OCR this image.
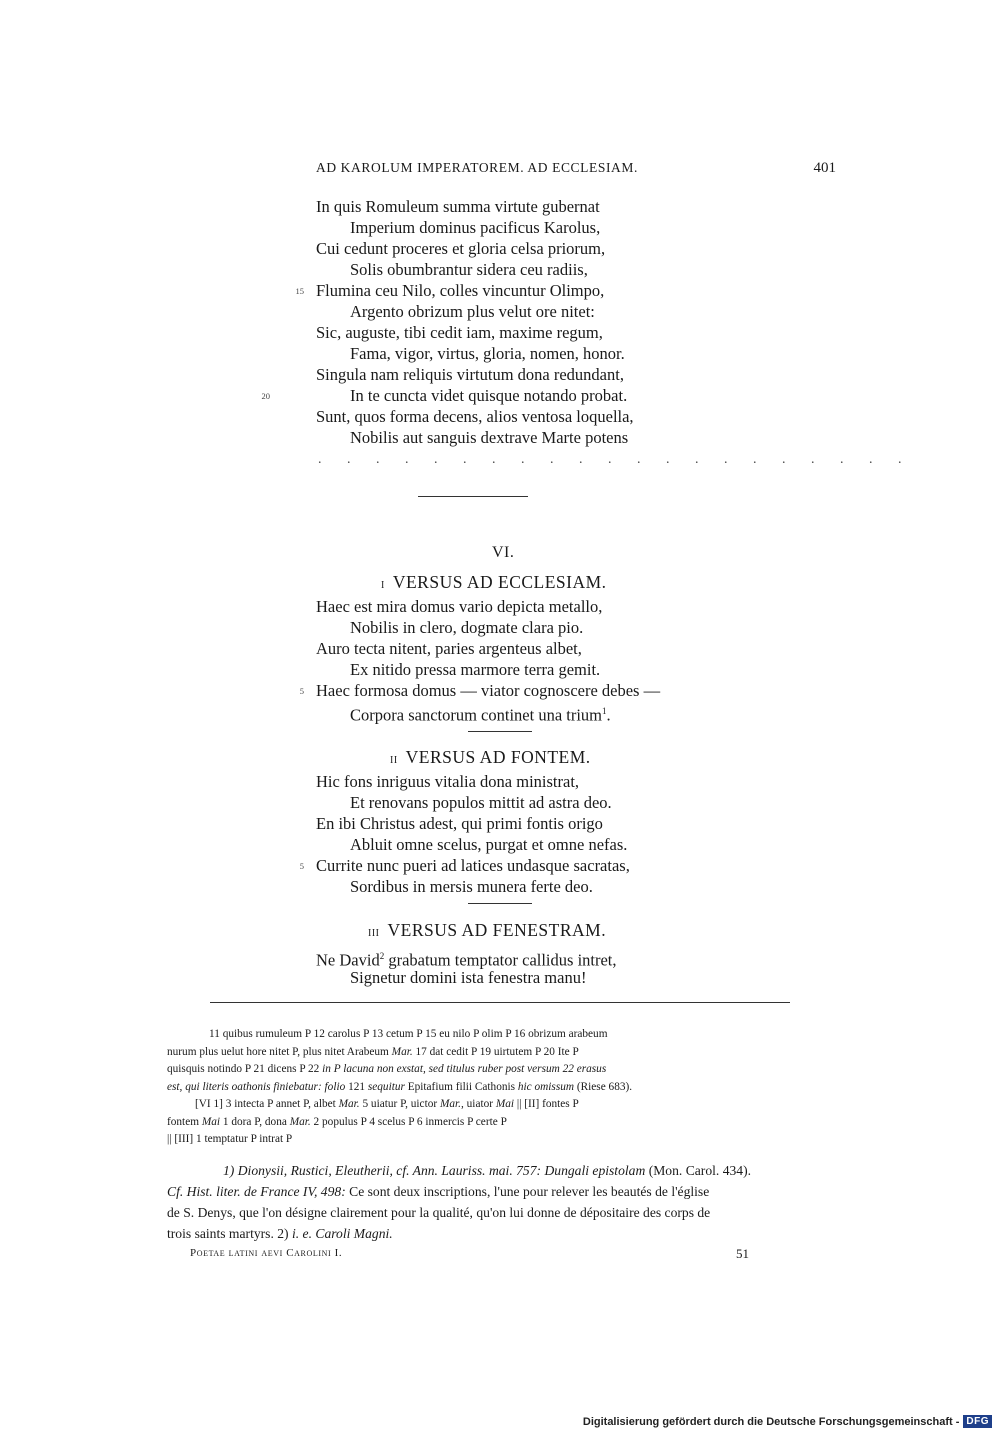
AD KAROLUM IMPERATOREM. AD ECCLESIAM.	401
In quis Romuleum summa virtute gubernat
Imperium dominus pacificus Karolus,
Cui cedunt proceres et gloria celsa priorum,
Solis obumbrantur sidera ceu radiis,
15 Flumina ceu Nilo, colles vincuntur Olimpo,
Argento obrizum plus velut ore nitet:
Sic, auguste, tibi cedit iam, maxime regum,
Fama, vigor, virtus, gloria, nomen, honor.
Singula nam reliquis virtutum dona redundant,
20	In te cuncta videt quisque notando probat.
Sunt, quos forma decens, alios ventosa loquella,
Nobilis aut sanguis dextrave Marte potens
. . . . . . . . . . . . . . . . . . . . .
VI.
I VERSUS AD ECCLESIAM.
Haec est mira domus vario depicta metallo,
Nobilis in clero, dogmate clara pio.
Auro tecta nitent, paries argenteus albet,
Ex nitido pressa marmore terra gemit.
5 Haec formosa domus — viator cognoscere debes —
Corpora sanctorum continet una trium$^1$.
II VERSUS AD FONTEM.
Hic fons inriguus vitalia dona ministrat,
Et renovans populos mittit ad astra deo.
En ibi Christus adest, qui primi fontis origo
Abluit omne scelus, purgat et omne nefas.
5 Currite nunc pueri ad latices undasque sacratas,
Sordibus in mersis munera ferte deo.
III VERSUS AD FENESTRAM.
Ne David$^2$ grabatum temptator callidus intret,
Signetur domini ista fenestra manu!
11 quibus rumuleum P 12 carolus P 13 cetum P 15 eu nilo P olim P 16 obrizum arabeum
nurum plus uelut hore nitet P, plus nitet Arabeum Mar. 17 dat cedit P 19 uirtutem P 20 Ite P
quisquis notindo P 21 dicens P 22 in P lacuna non exstat, sed titulus ruber post versum 22 erasus
est, qui literis oathonis finiebatur: folio 121 sequitur Epitafium filii Cathonis hic omissum (Riese 683).
[VI 1] 3 intecta P annet P, albet Mar. 5 uiatur P, uictor Mar., uiator Mai || [II] fontes P
fontem Mai 1 dora P, dona Mar. 2 populus P 4 scelus P 6 inmercis P certe P
|| [III] 1 temptatur P intrat P
1) Dionysii, Rustici, Eleutherii, cf. Ann. Lauriss. mai. 757: Dungali epistolam (Mon. Carol. 434).
Cf. Hist. liter. de France IV, 498: Ce sont deux inscriptions, l'une pour relever les beautés de l'église
de S. Denys, que l'on désigne clairement pour la qualité, qu'on lui donne de dépositaire des corps de
trois saints martyrs. 2) i. e. Caroli Magni.
Poetae latini aevi Carolini I.	51
Digitalisierung gefördert durch die Deutsche Forschungsgemeinschaft - DFG
